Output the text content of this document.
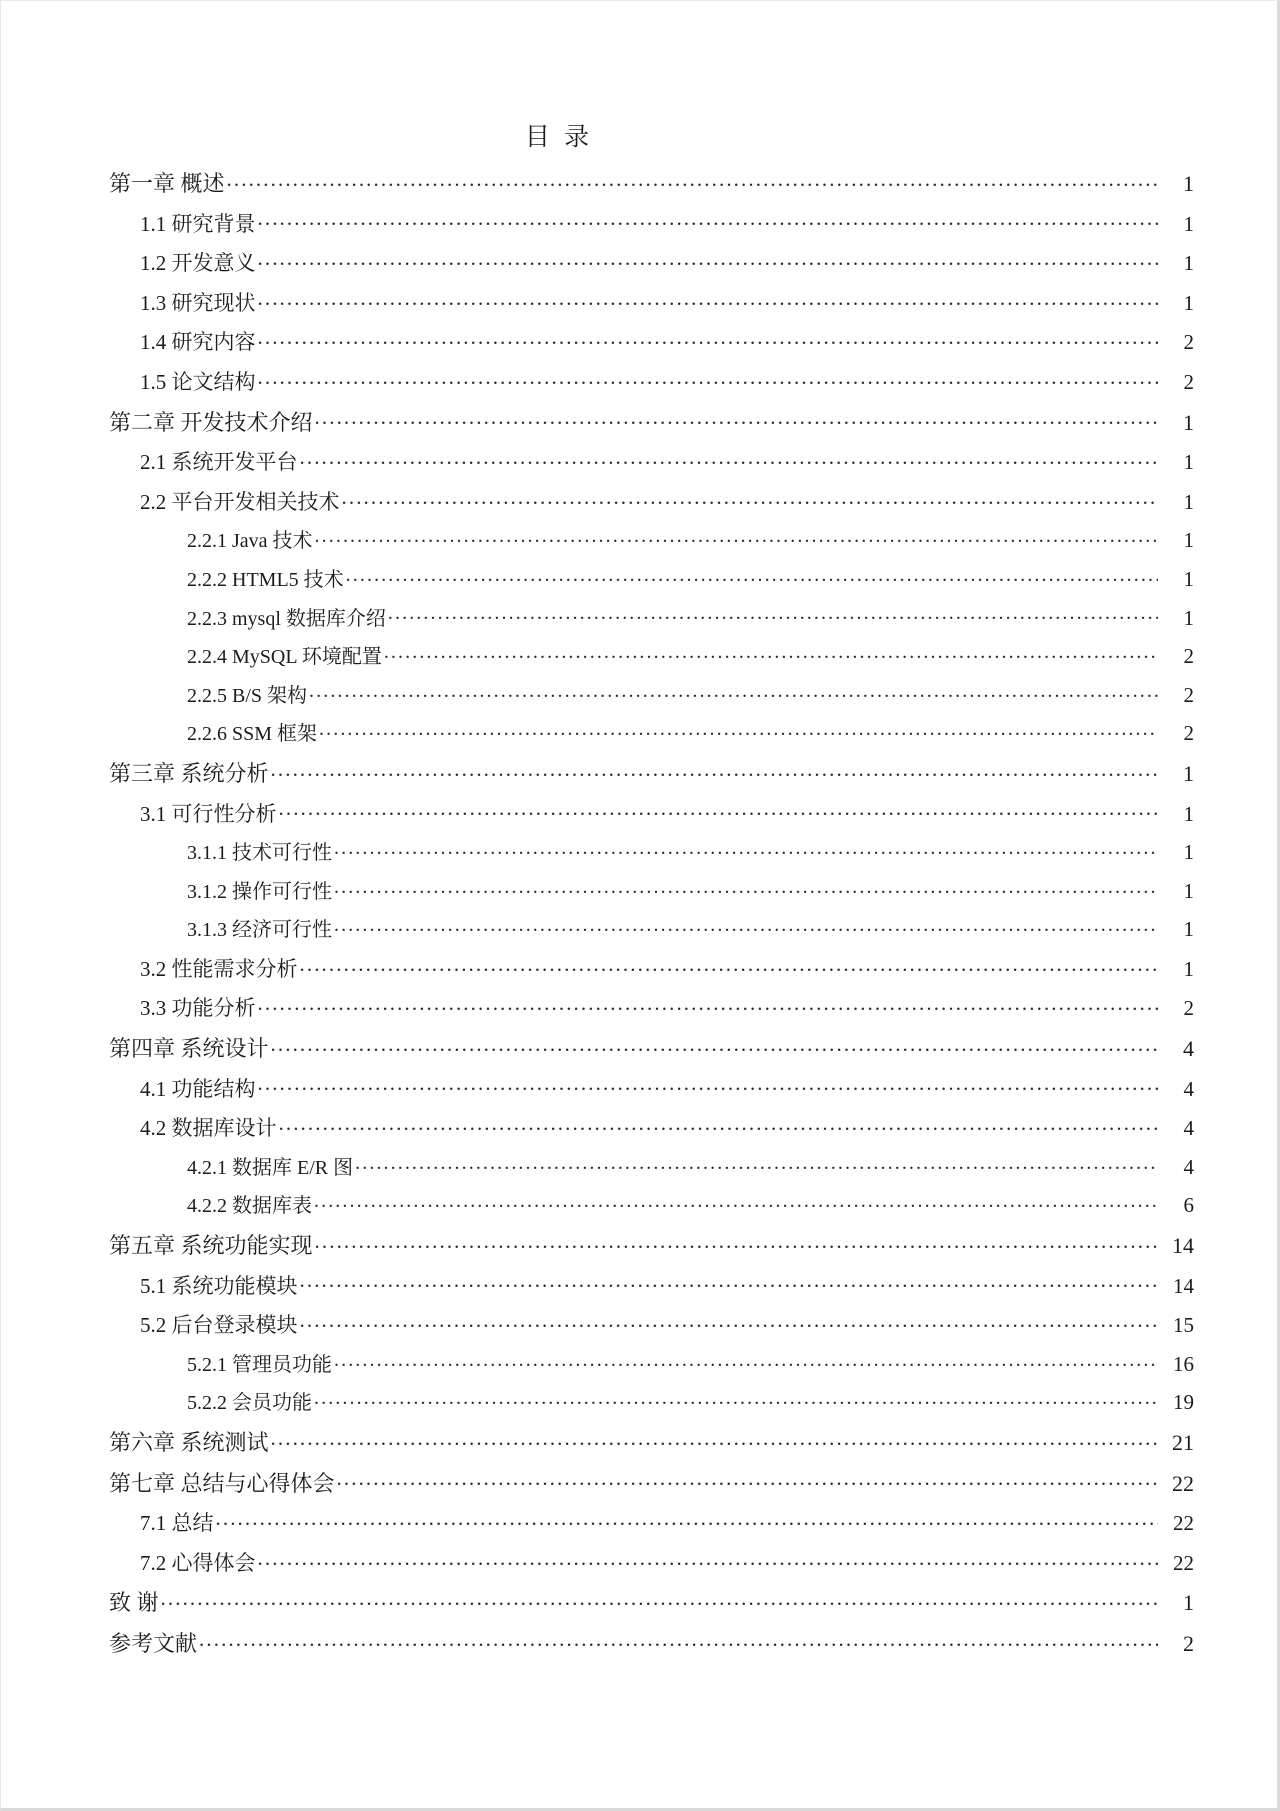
目 录
第一章 概述 .....	1
1.1 研究背景 .....	1
1.2 开发意义 .....	1
1.3 研究现状 .....	1
1.4 研究内容 .....	2
1.5 论文结构 .....	2
第二章 开发技术介绍 .....	1
2.1 系统开发平台 .....	1
2.2 平台开发相关技术 .....	1
2.2.1 Java 技术 .....	1
2.2.2 HTML5 技术 .....	1
2.2.3 mysql 数据库介绍 .....	1
2.2.4 MySQL 环境配置 .....	2
2.2.5 B/S 架构 .....	2
2.2.6 SSM 框架 .....	2
第三章 系统分析 .....	1
3.1 可行性分析 .....	1
3.1.1 技术可行性 .....	1
3.1.2 操作可行性 .....	1
3.1.3 经济可行性 .....	1
3.2 性能需求分析 .....	1
3.3 功能分析 .....	2
第四章 系统设计 .....	4
4.1 功能结构 .....	4
4.2 数据库设计 .....	4
4.2.1 数据库 E/R 图 .....	4
4.2.2 数据库表 .....	6
第五章 系统功能实现 .....	14
5.1 系统功能模块 .....	14
5.2 后台登录模块 .....	15
5.2.1 管理员功能 .....	16
5.2.2 会员功能 .....	19
第六章 系统测试 .....	21
第七章 总结与心得体会 .....	22
7.1 总结 .....	22
7.2 心得体会 .....	22
致 谢 .....	1
参考文献 .....	2
